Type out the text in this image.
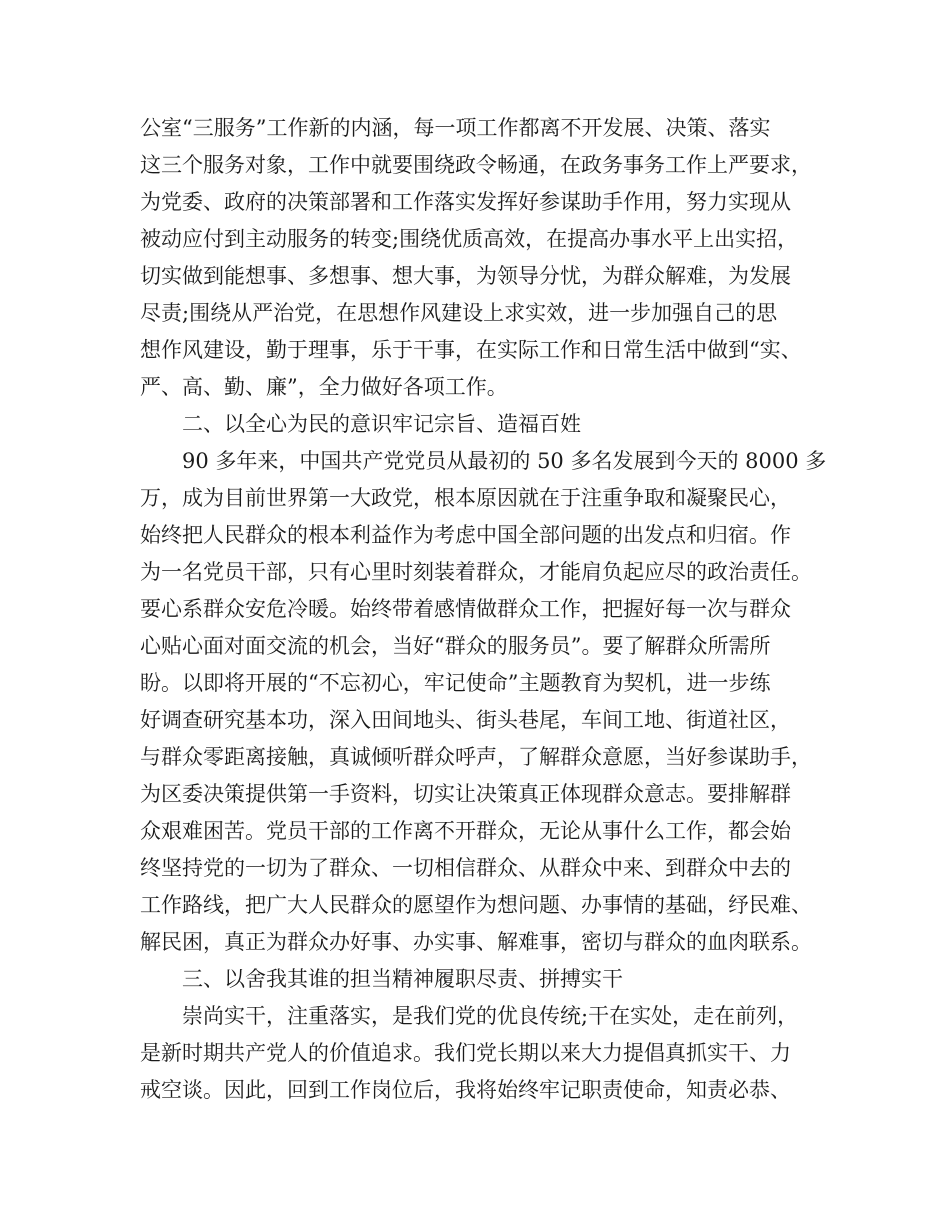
公室“三服务”工作新的内涵，每一项工作都离不开发展、决策、落实
这三个服务对象，工作中就要围绕政令畅通，在政务事务工作上严要求，
为党委、政府的决策部署和工作落实发挥好参谋助手作用，努力实现从
被动应付到主动服务的转变;围绕优质高效，在提高办事水平上出实招，
切实做到能想事、多想事、想大事，为领导分忧，为群众解难，为发展
尽责;围绕从严治党，在思想作风建设上求实效，进一步加强自己的思
想作风建设，勤于理事，乐于干事，在实际工作和日常生活中做到“实、
严、高、勤、廉”，全力做好各项工作。
二、以全心为民的意识牢记宗旨、造福百姓
90 多年来，中国共产党党员从最初的 50 多名发展到今天的 8000 多
万，成为目前世界第一大政党，根本原因就在于注重争取和凝聚民心，
始终把人民群众的根本利益作为考虑中国全部问题的出发点和归宿。作
为一名党员干部，只有心里时刻装着群众，才能肩负起应尽的政治责任。
要心系群众安危冷暖。始终带着感情做群众工作，把握好每一次与群众
心贴心面对面交流的机会，当好“群众的服务员”。要了解群众所需所
盼。以即将开展的“不忘初心，牢记使命”主题教育为契机，进一步练
好调查研究基本功，深入田间地头、街头巷尾，车间工地、街道社区，
与群众零距离接触，真诚倾听群众呼声，了解群众意愿，当好参谋助手，
为区委决策提供第一手资料，切实让决策真正体现群众意志。要排解群
众艰难困苦。党员干部的工作离不开群众，无论从事什么工作，都会始
终坚持党的一切为了群众、一切相信群众、从群众中来、到群众中去的
工作路线，把广大人民群众的愿望作为想问题、办事情的基础，纾民难、
解民困，真正为群众办好事、办实事、解难事，密切与群众的血肉联系。
三、以舍我其谁的担当精神履职尽责、拼搏实干
崇尚实干，注重落实，是我们党的优良传统;干在实处，走在前列，
是新时期共产党人的价值追求。我们党长期以来大力提倡真抓实干、力
戒空谈。因此，回到工作岗位后，我将始终牢记职责使命，知责必恭、
